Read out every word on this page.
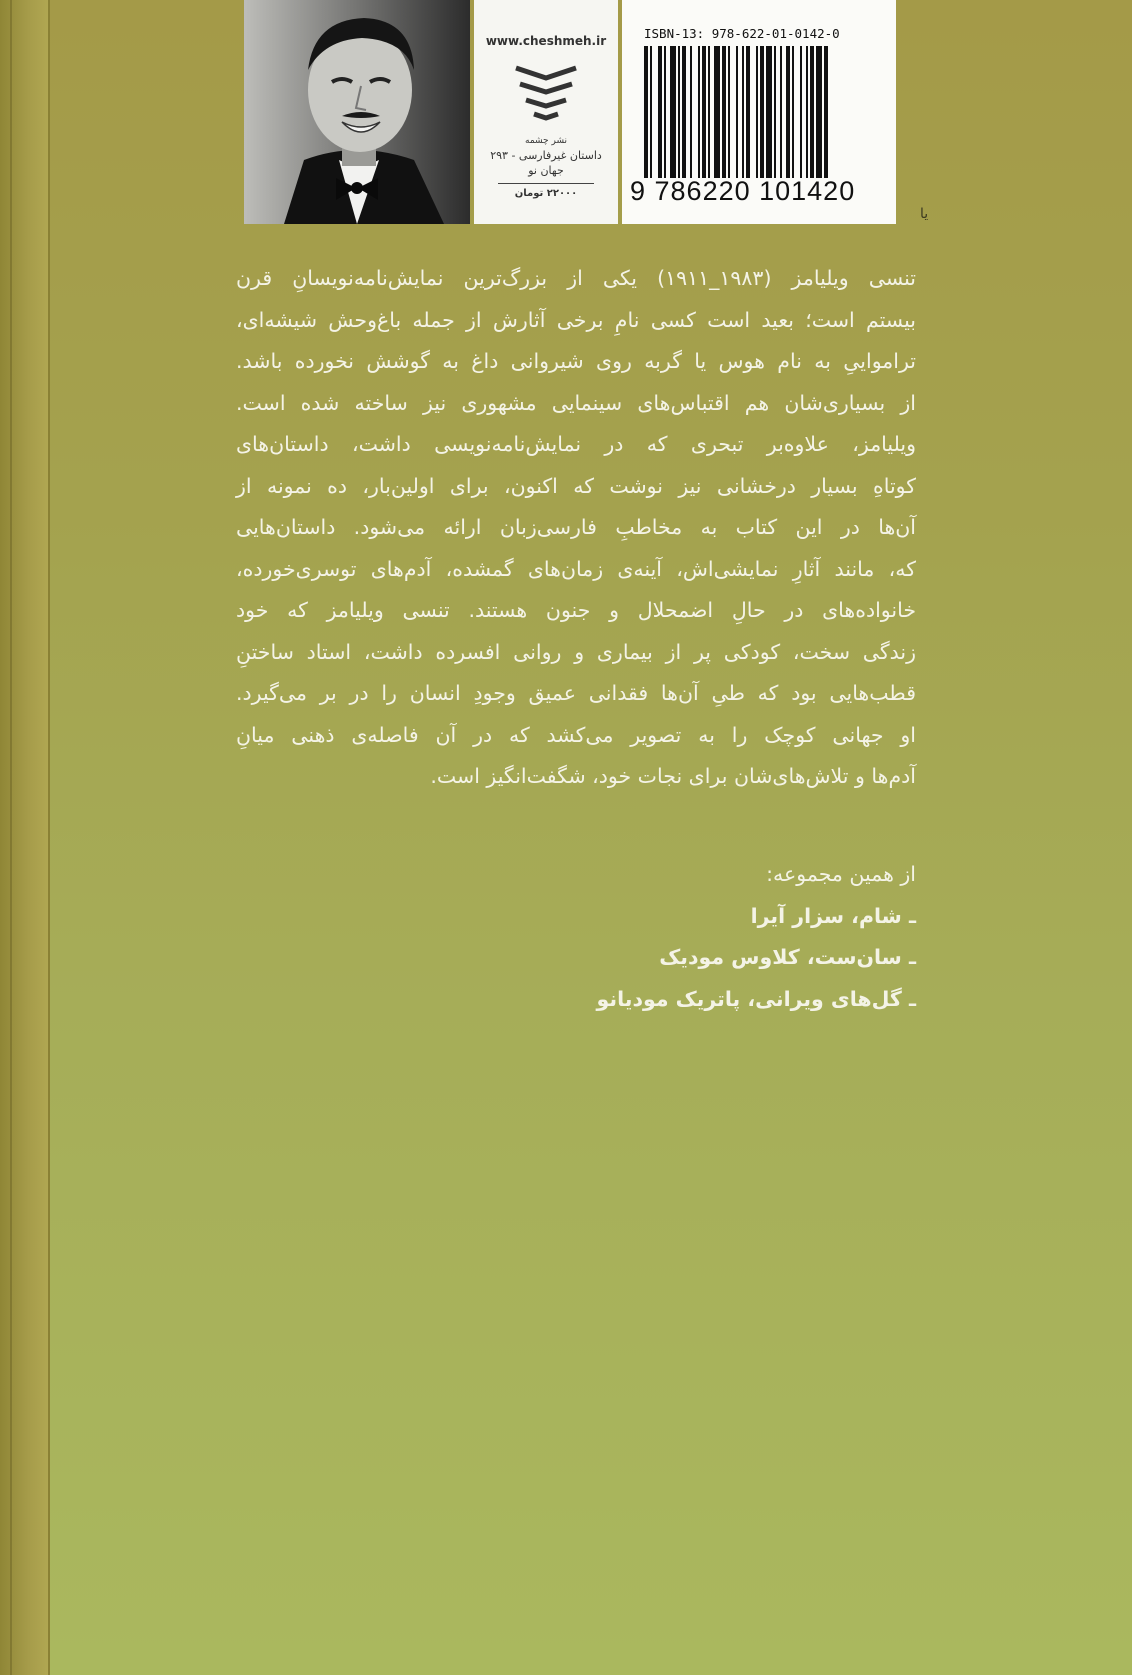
www.cheshmeh.ir
نشر چشمه
داستان غیرفارسی - ۲۹۳
جهان نو
۲۲۰۰۰ تومان
ISBN-13: 978-622-01-0142-0
9 786220 101420
یا
تنسی ویلیامز (۱۹۸۳_۱۹۱۱) یکی از بزرگ‌ترین نمایش‌نامه‌نویسانِ قرن
بیستم است؛ بعید است کسی نامِ برخی آثارش از جمله باغ‌وحش شیشه‌ای،
ترامواییِ به نام هوس یا گربه روی شیروانی داغ به گوشش نخورده باشد.
از بسیاری‌شان هم اقتباس‌های سینمایی مشهوری نیز ساخته شده است.
ویلیامز، علاوه‌بر تبحری که در نمایش‌نامه‌نویسی داشت، داستان‌های
کوتاهِ بسیار درخشانی نیز نوشت که اکنون، برای اولین‌بار، ده نمونه از
آن‌ها در این کتاب به مخاطبِ فارسی‌زبان ارائه می‌شود. داستان‌هایی
که، مانند آثارِ نمایشی‌اش، آینه‌ی زمان‌های گمشده، آدم‌های توسری‌خورده،
خانواده‌های در حالِ اضمحلال و جنون هستند. تنسی ویلیامز که خود
زندگی سخت، کودکی پر از بیماری و روانی افسرده داشت، استاد ساختنِ
قطب‌هایی بود که طیِ آن‌ها فقدانی عمیق وجودِ انسان را در بر می‌گیرد.
او جهانی کوچک را به تصویر می‌کشد که در آن فاصله‌ی ذهنی میانِ
آدم‌ها و تلاش‌های‌شان برای نجات خود، شگفت‌انگیز است.
از همین مجموعه:
ـ شام، سزار آیرا
ـ سان‌ست، کلاوس مودیک
ـ گل‌های ویرانی، پاتریک مودیانو
